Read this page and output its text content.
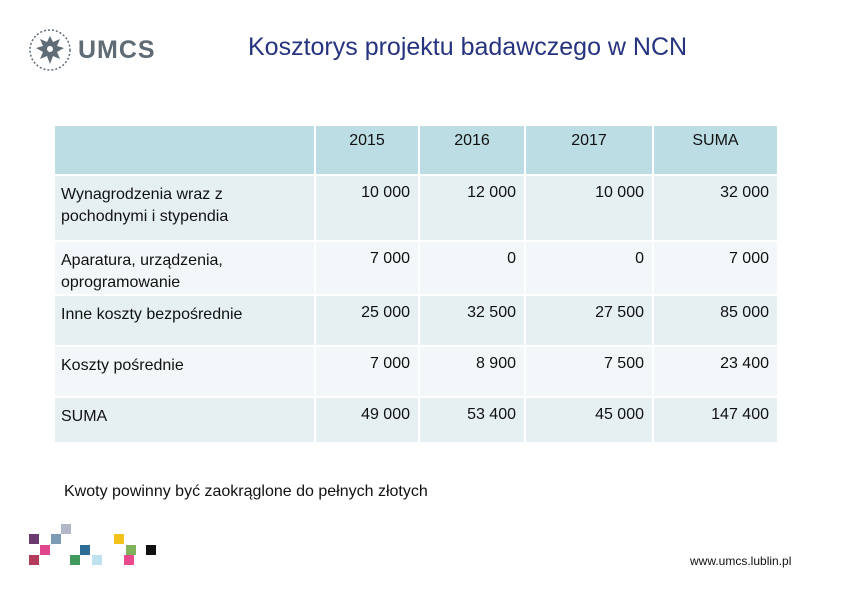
UMCS	Kosztorys projektu badawczego w NCN
	2015	2016	2017	SUMA
Wynagrodzenia wraz z pochodnymi i stypendia	10 000	12 000	10 000	32 000
Aparatura, urządzenia, oprogramowanie	7 000	0	0	7 000
Inne koszty bezpośrednie	25 000	32 500	27 500	85 000
Koszty pośrednie	7 000	8 900	7 500	23 400
SUMA	49 000	53 400	45 000	147 400
Kwoty powinny być zaokrąglone do pełnych złotych
www.umcs.lublin.pl
